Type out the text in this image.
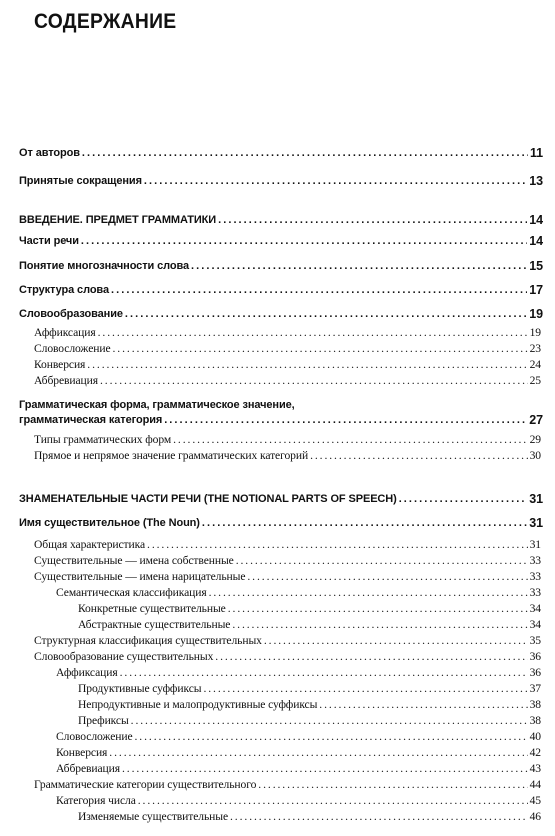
СОДЕРЖАНИЕ
От авторов . . .	11
Принятые сокращения . . .	13
ВВЕДЕНИЕ. ПРЕДМЕТ ГРАММАТИКИ . . .	14
Части речи . . .	14
Понятие многозначности слова . . .	15
Структура слова . . .	17
Словообразование . . .	19
Аффиксация . . .	19
Словосложение . . .	23
Конверсия . . .	24
Аббревиация . . .	25
Грамматическая форма, грамматическое значение,
грамматическая категория . . .	27
Типы грамматических форм . . .	29
Прямое и непрямое значение грамматических категорий . . .	30
ЗНАМЕНАТЕЛЬНЫЕ ЧАСТИ РЕЧИ (THE NOTIONAL PARTS OF SPEECH) . . .	31
Имя существительное (The Noun) . . .	31
Общая характеристика . . .	31
Существительные — имена собственные . . .	33
Существительные — имена нарицательные . . .	33
Семантическая классификация . . .	33
Конкретные существительные . . .	34
Абстрактные существительные . . .	34
Структурная классификация существительных . . .	35
Словообразование существительных . . .	36
Аффиксация . . .	36
Продуктивные суффиксы . . .	37
Непродуктивные и малопродуктивные суффиксы . . .	38
Префиксы . . .	38
Словосложение . . .	40
Конверсия . . .	42
Аббревиация . . .	43
Грамматические категории существительного . . .	44
Категория числа . . .	45
Изменяемые существительные . . .	46
